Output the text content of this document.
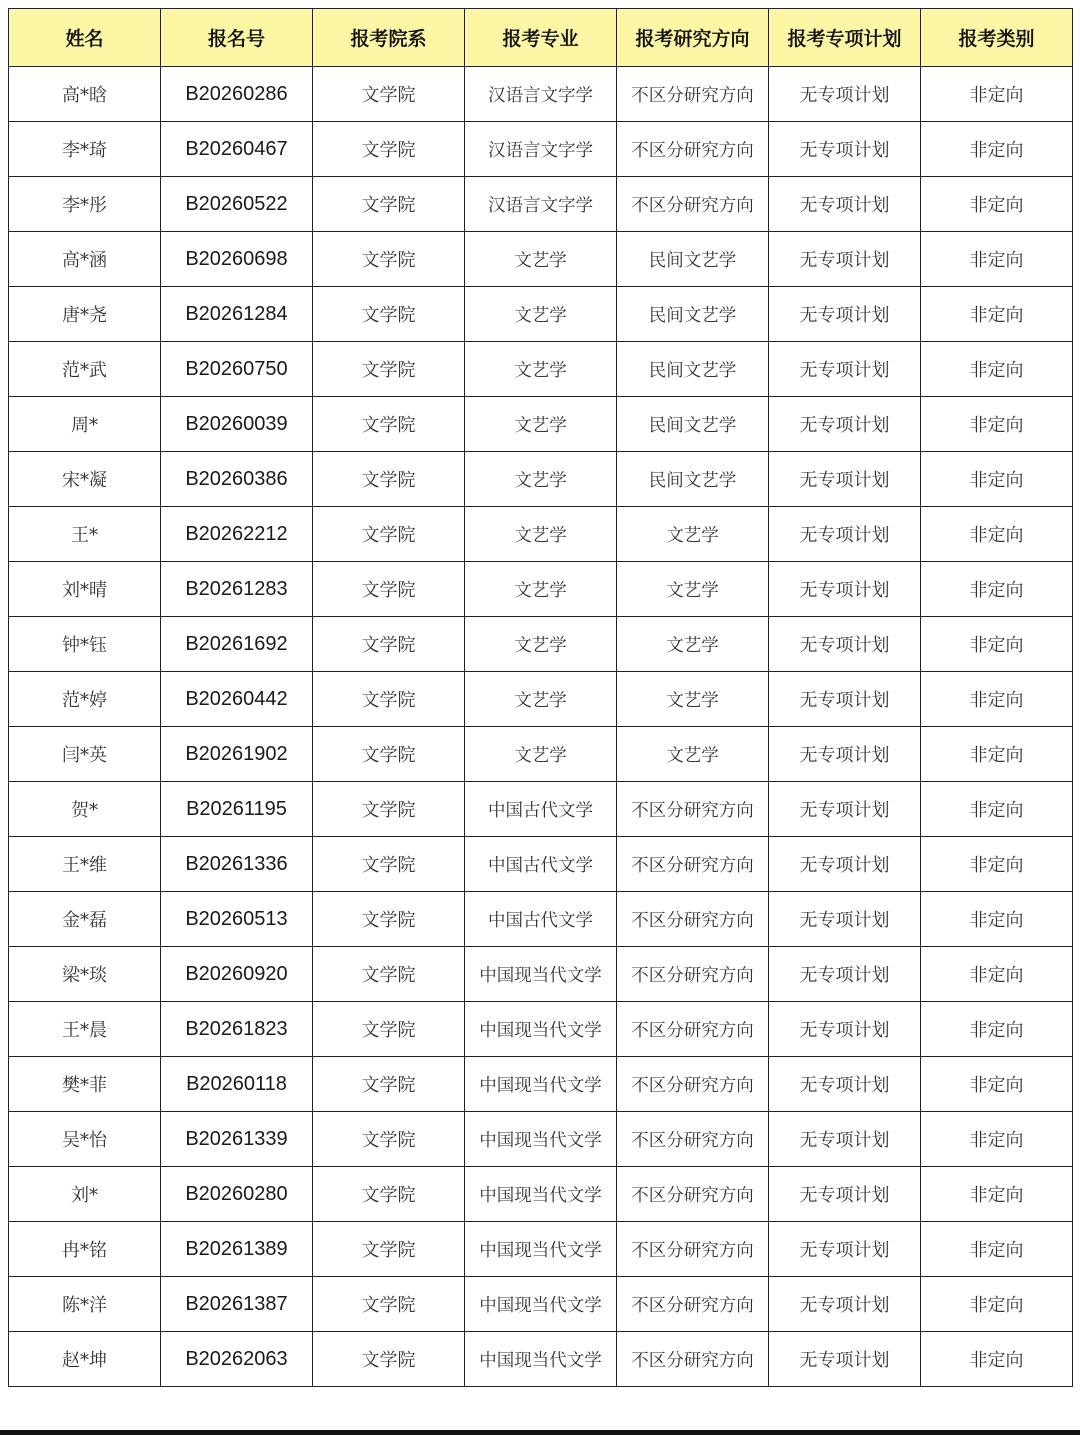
姓名	报名号	报考院系	报考专业	报考研究方向	报考专项计划	报考类别
高*晗	B20260286	文学院	汉语言文字学	不区分研究方向	无专项计划	非定向
李*琦	B20260467	文学院	汉语言文字学	不区分研究方向	无专项计划	非定向
李*彤	B20260522	文学院	汉语言文字学	不区分研究方向	无专项计划	非定向
高*涵	B20260698	文学院	文艺学	民间文艺学	无专项计划	非定向
唐*尧	B20261284	文学院	文艺学	民间文艺学	无专项计划	非定向
范*武	B20260750	文学院	文艺学	民间文艺学	无专项计划	非定向
周*	B20260039	文学院	文艺学	民间文艺学	无专项计划	非定向
宋*凝	B20260386	文学院	文艺学	民间文艺学	无专项计划	非定向
王*	B20262212	文学院	文艺学	文艺学	无专项计划	非定向
刘*晴	B20261283	文学院	文艺学	文艺学	无专项计划	非定向
钟*钰	B20261692	文学院	文艺学	文艺学	无专项计划	非定向
范*婷	B20260442	文学院	文艺学	文艺学	无专项计划	非定向
闫*英	B20261902	文学院	文艺学	文艺学	无专项计划	非定向
贺*	B20261195	文学院	中国古代文学	不区分研究方向	无专项计划	非定向
王*维	B20261336	文学院	中国古代文学	不区分研究方向	无专项计划	非定向
金*磊	B20260513	文学院	中国古代文学	不区分研究方向	无专项计划	非定向
梁*琰	B20260920	文学院	中国现当代文学	不区分研究方向	无专项计划	非定向
王*晨	B20261823	文学院	中国现当代文学	不区分研究方向	无专项计划	非定向
樊*菲	B20260118	文学院	中国现当代文学	不区分研究方向	无专项计划	非定向
吴*怡	B20261339	文学院	中国现当代文学	不区分研究方向	无专项计划	非定向
刘*	B20260280	文学院	中国现当代文学	不区分研究方向	无专项计划	非定向
冉*铭	B20261389	文学院	中国现当代文学	不区分研究方向	无专项计划	非定向
陈*洋	B20261387	文学院	中国现当代文学	不区分研究方向	无专项计划	非定向
赵*坤	B20262063	文学院	中国现当代文学	不区分研究方向	无专项计划	非定向
